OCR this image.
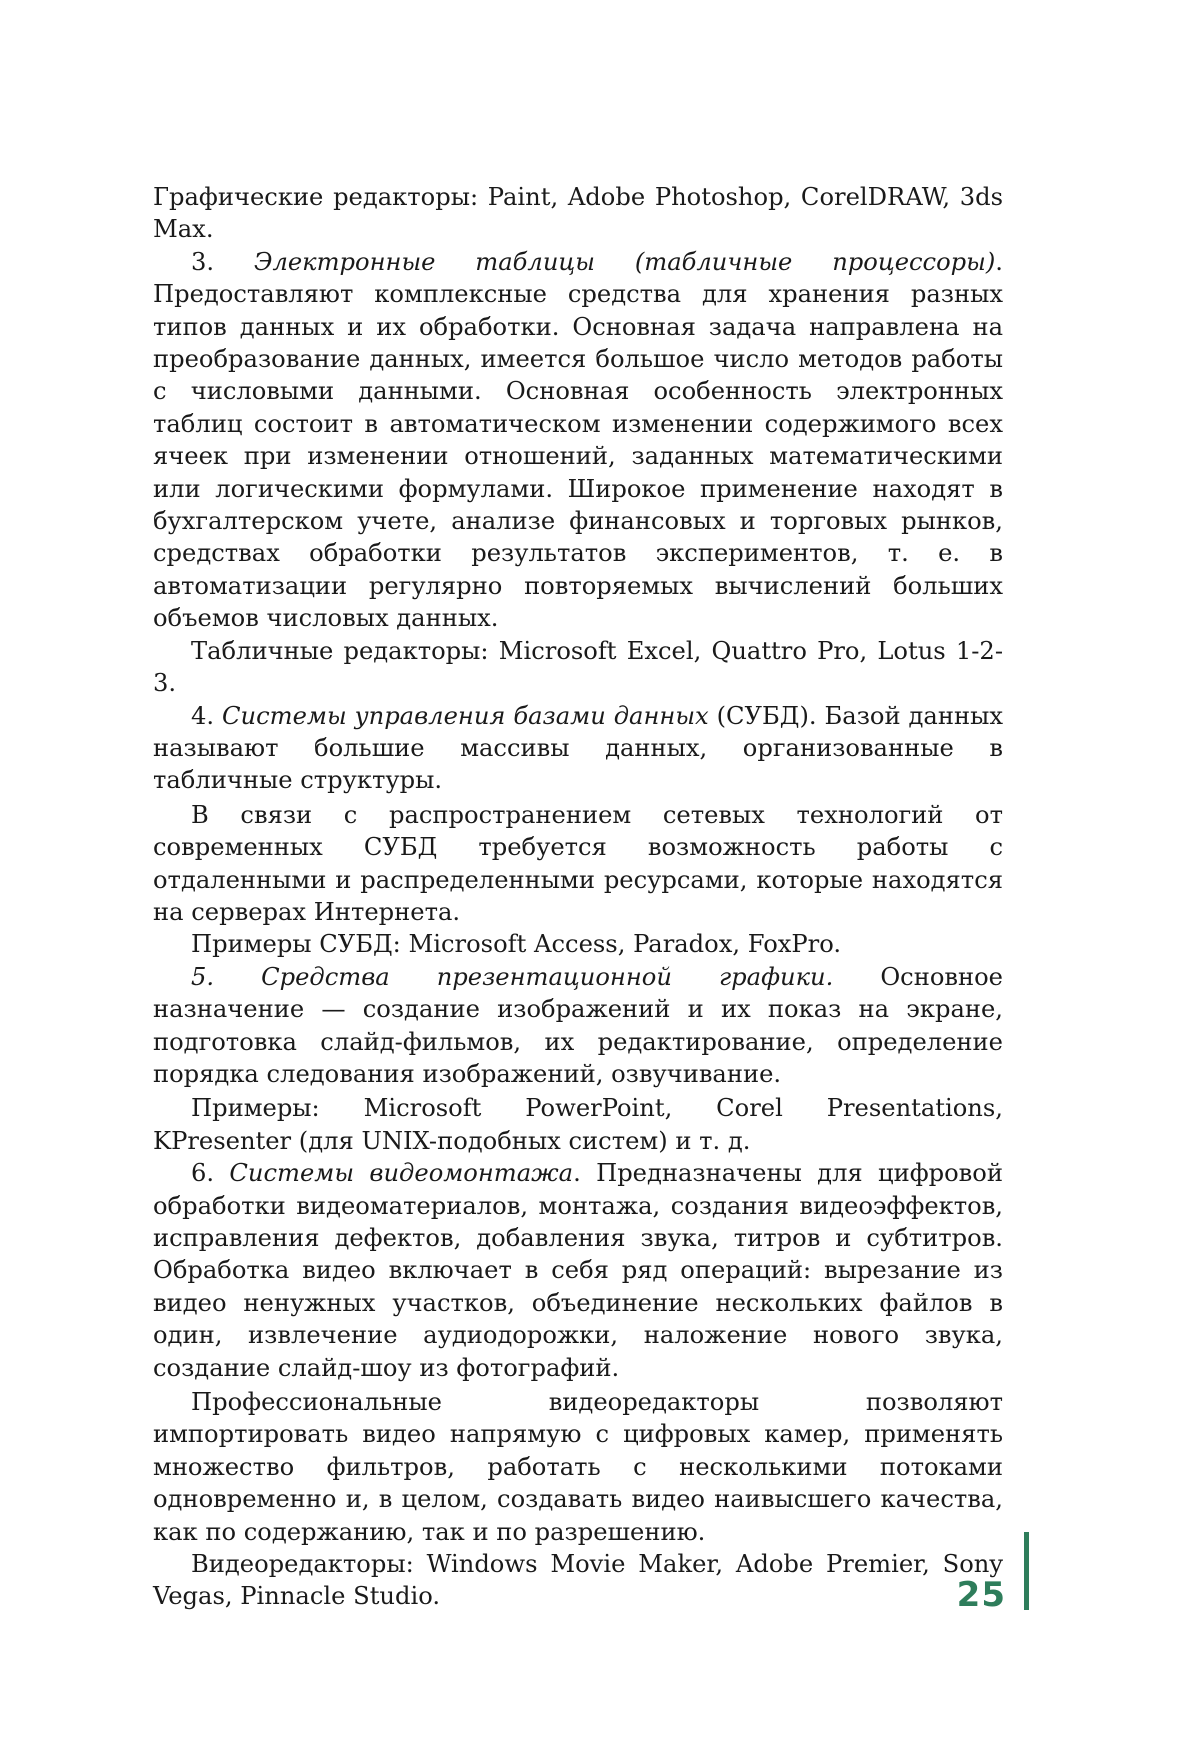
Графические редакторы: Paint, Adobe Photoshop, CorelDRAW, 3ds Max.

3. Электронные таблицы (табличные процессоры). Предоставляют комплексные средства для хранения разных типов данных и их обработки. Основная задача направлена на преобразование данных, имеется большое число методов работы с числовыми данными. Основная особенность электронных таблиц состоит в автоматическом изменении содержимого всех ячеек при изменении отношений, заданных математическими или логическими формулами. Широкое применение находят в бухгалтерском учете, анализе финансовых и торговых рынков, средствах обработки результатов экспериментов, т. е. в автоматизации регулярно повторяемых вычислений больших объемов числовых данных.

Табличные редакторы: Microsoft Excel, Quattro Pro, Lotus 1-2-3.

4. Системы управления базами данных (СУБД). Базой данных называют большие массивы данных, организованные в табличные структуры.

В связи с распространением сетевых технологий от современных СУБД требуется возможность работы с отдаленными и распределенными ресурсами, которые находятся на серверах Интернета.

Примеры СУБД: Microsoft Access, Paradox, FoxPro.

5. Средства презентационной графики. Основное назначение — создание изображений и их показ на экране, подготовка слайд-фильмов, их редактирование, определение порядка следования изображений, озвучивание.

Примеры: Microsoft PowerPoint, Corel Presentations, KPresenter (для UNIX-подобных систем) и т. д.

6. Системы видеомонтажа. Предназначены для цифровой обработки видеоматериалов, монтажа, создания видеоэффектов, исправления дефектов, добавления звука, титров и субтитров. Обработка видео включает в себя ряд операций: вырезание из видео ненужных участков, объединение нескольких файлов в один, извлечение аудиодорожки, наложение нового звука, создание слайд-шоу из фотографий.

Профессиональные видеоредакторы позволяют импортировать видео напрямую с цифровых камер, применять множество фильтров, работать с несколькими потоками одновременно и, в целом, создавать видео наивысшего качества, как по содержанию, так и по разрешению.

Видеоредакторы: Windows Movie Maker, Adobe Premier, Sony Vegas, Pinnacle Studio.	25
